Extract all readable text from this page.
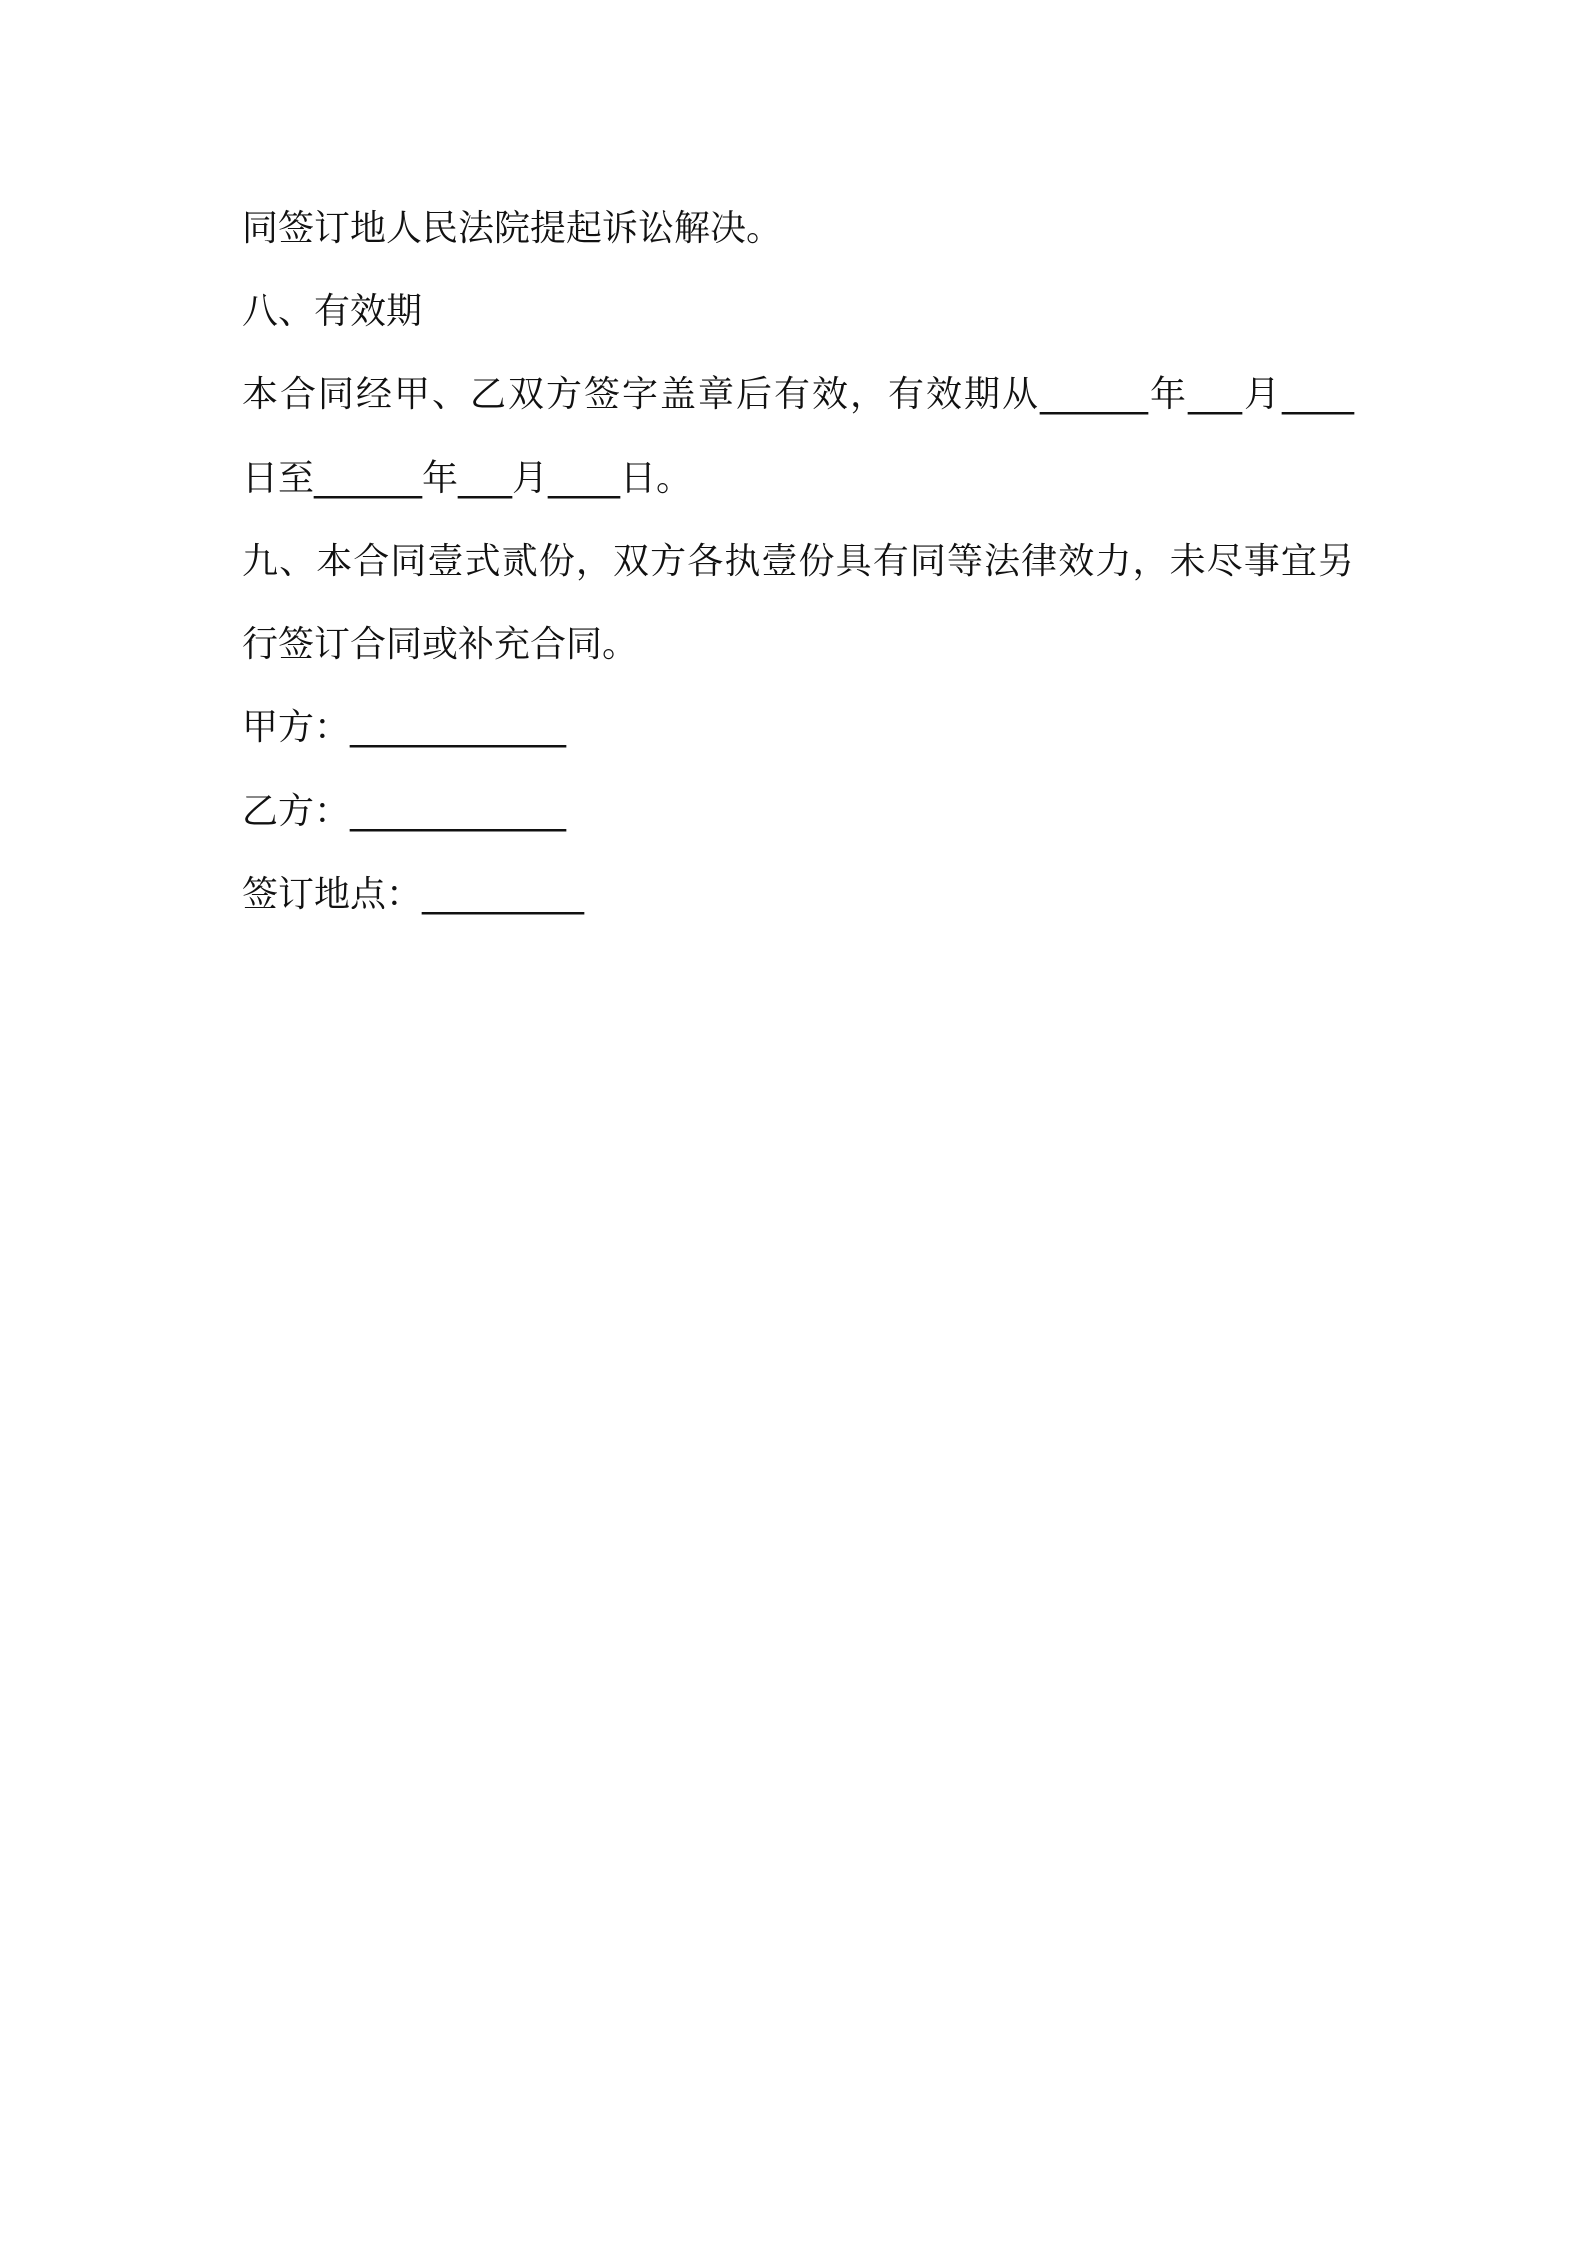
同签订地人民法院提起诉讼解决。

八、有效期

本合同经甲、乙双方签字盖章后有效，有效期从______年___月____

日至______年___月____日。

九、本合同壹式贰份，双方各执壹份具有同等法律效力，未尽事宜另

行签订合同或补充合同。

甲方：____________

乙方：____________

签订地点：_________
